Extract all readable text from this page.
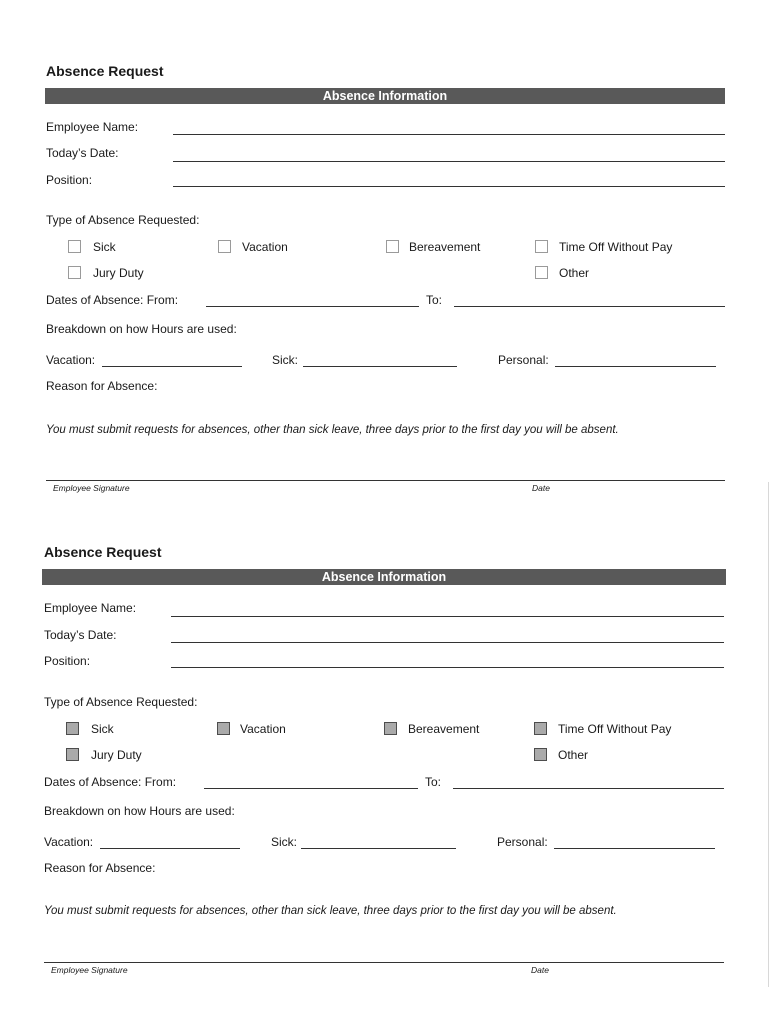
Absence Request
Absence Information
Employee Name:
Today’s Date:
Position:
Type of Absence Requested:
Sick	Vacation	Bereavement	Time Off Without Pay
Jury Duty	Other
Dates of Absence: From:	To:
Breakdown on how Hours are used:
Vacation:	Sick:	Personal:
Reason for Absence:
You must submit requests for absences, other than sick leave, three days prior to the first day you will be absent.
Employee Signature	Date
Absence Request
Absence Information
Employee Name:
Today’s Date:
Position:
Type of Absence Requested:
Sick	Vacation	Bereavement	Time Off Without Pay
Jury Duty	Other
Dates of Absence: From:	To:
Breakdown on how Hours are used:
Vacation:	Sick:	Personal:
Reason for Absence:
You must submit requests for absences, other than sick leave, three days prior to the first day you will be absent.
Employee Signature	Date
